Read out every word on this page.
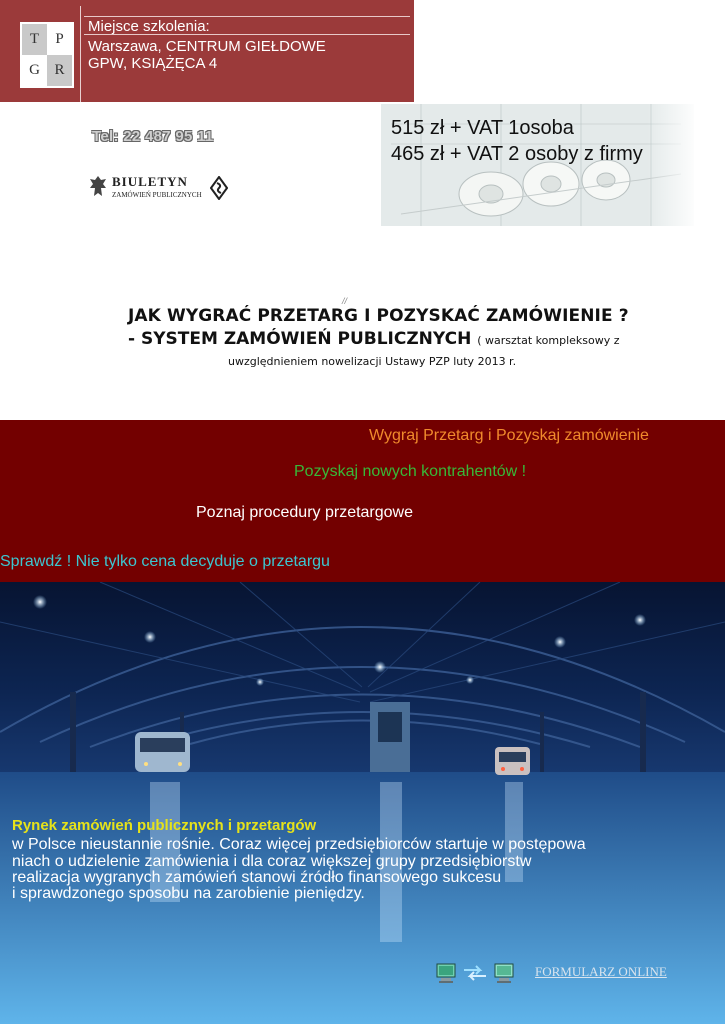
T	P
G R
Miejsce szkolenia:
Warszawa, CENTRUM GIEŁDOWE
GPW, KSIĄŻĘCA 4
Tel: 22 487 95 11
BIULETYN
ZAMÓWIEŃ PUBLICZNYCH
515 zł + VAT 1osoba
465 zł + VAT 2 osoby z firmy
//
JAK WYGRAĆ PRZETARG I POZYSKAĆ ZAMÓWIENIE ?
- SYSTEM ZAMÓWIEŃ PUBLICZNYCH ( warsztat kompleksowy z
uwzględnieniem nowelizacji Ustawy PZP luty 2013 r.
Wygraj Przetarg i Pozyskaj zamówienie
Pozyskaj nowych kontrahentów !
Poznaj procedury przetargowe
Sprawdź ! Nie tylko cena decyduje o przetargu
Rynek zamówień publicznych i przetargów
w Polsce nieustannie rośnie. Coraz więcej przedsiębiorców startuje w postępowa
niach o udzielenie zamówienia i dla coraz większej grupy przedsiębiorstw
realizacja wygranych zamówień stanowi źródło finansowego sukcesu
i sprawdzonego sposobu na zarobienie pieniędzy.
FORMULARZ ONLINE
